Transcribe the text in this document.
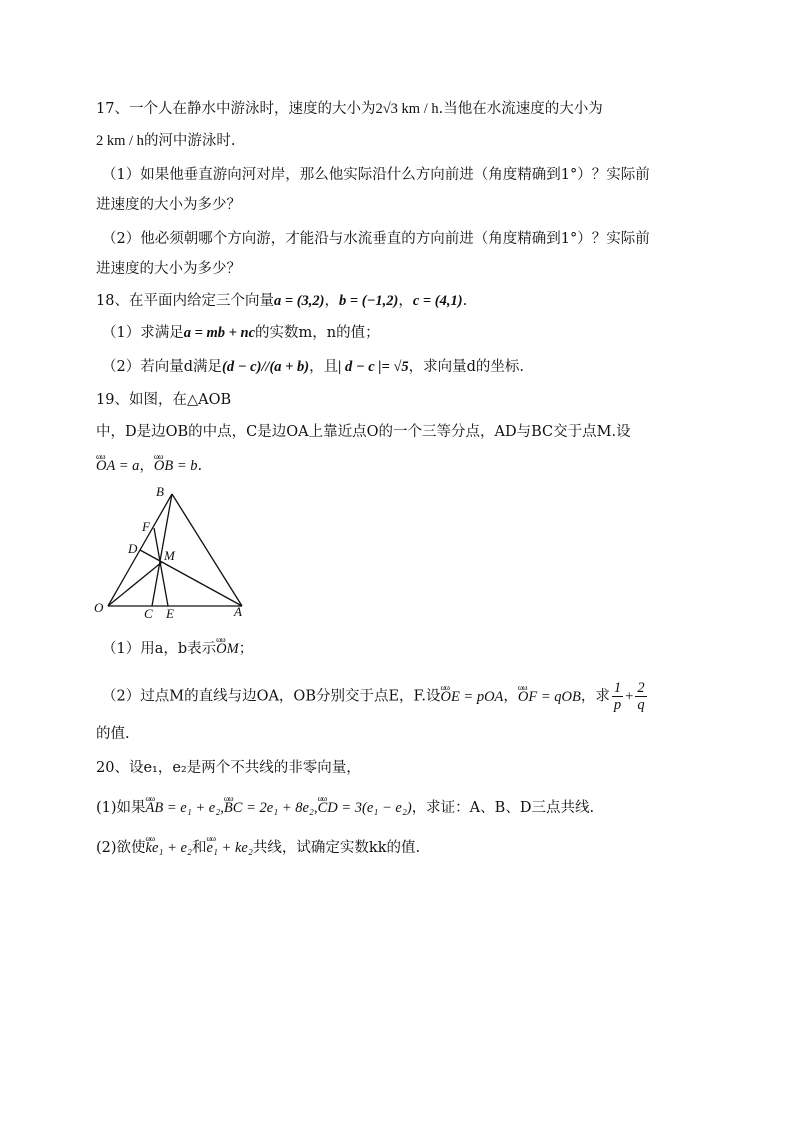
17、一个人在静水中游泳时，速度的大小为2√3 km / h.当他在水流速度的大小为
2 km / h的河中游泳时.
（1）如果他垂直游向河对岸，那么他实际沿什么方向前进（角度精确到1°）？实际前
进速度的大小为多少？
（2）他必须朝哪个方向游，才能沿与水流垂直的方向前进（角度精确到1°）？实际前
进速度的大小为多少？
18、在平面内给定三个向量a = (3,2)，b = (−1,2)，c = (4,1).
（1）求满足a = mb + nc的实数m，n的值；
（2）若向量d满足(d − c)//(a + b)，且| d − c |= √5，求向量d的坐标.
19、如图，在△AOB
中，D是边OB的中点，C是边OA上靠近点O的一个三等分点，AD与BC交于点M.设
ωω OA = a，ωω OB = b.
B
F
D M
O	C E	A
（1）用a，b表示ωω OM；
（2）过点M的直线与边OA，OB分别交于点E，F.设ωω OE = pOA，ωω OF = qOB，求 $\frac{1}{p} + \frac{2}{q}$
的值.
20、设e₁，e₂是两个不共线的非零向量，
(1)如果ωω AB = e₁ + e₂,ωω BC = 2e₁ + 8e₂,ωω CD = 3(e₁ − e₂)，求证：A、B、D三点共线.
(2)欲使ωω ke₁ + e₂和ωω e₁ + ke₂共线，试确定实数kk的值.
